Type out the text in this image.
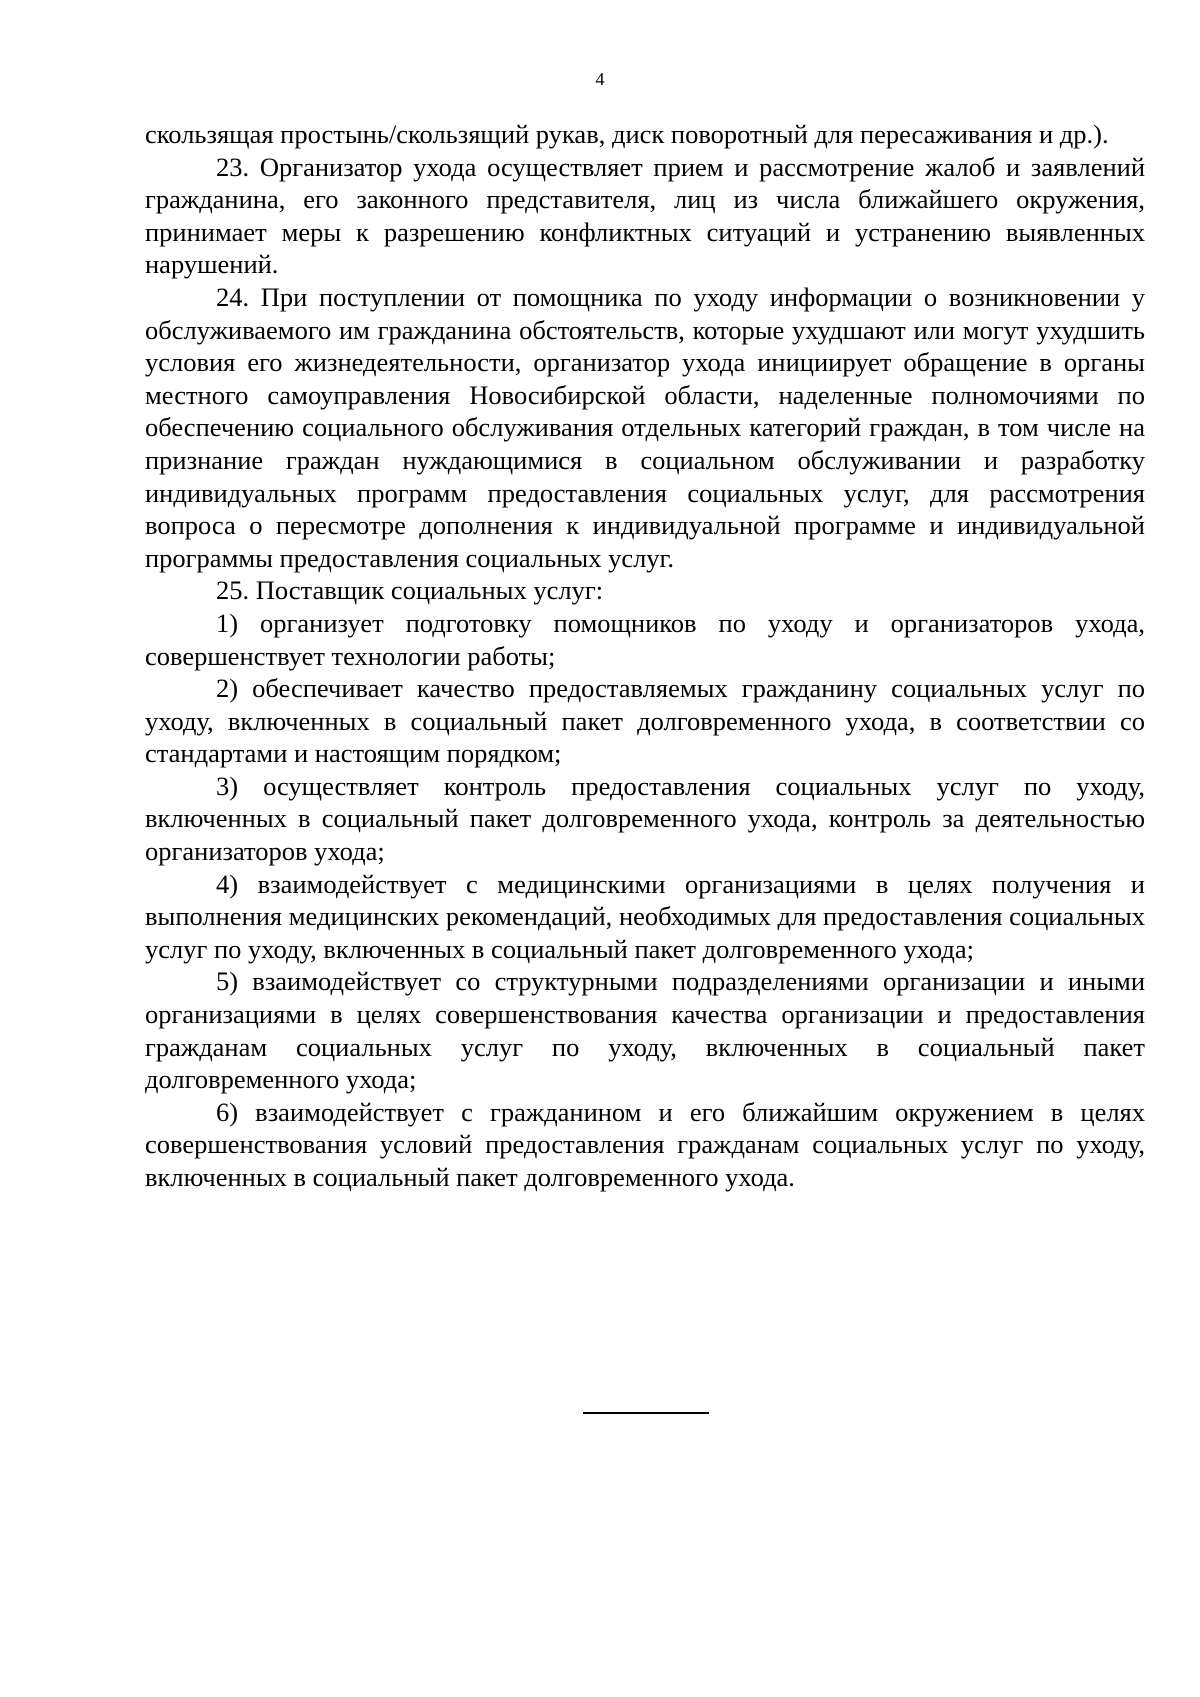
4

скользящая простынь/скользящий рукав, диск поворотный для пересаживания и др.).

23. Организатор ухода осуществляет прием и рассмотрение жалоб и заявлений гражданина, его законного представителя, лиц из числа ближайшего окружения, принимает меры к разрешению конфликтных ситуаций и устранению выявленных нарушений.

24. При поступлении от помощника по уходу информации о возникновении у обслуживаемого им гражданина обстоятельств, которые ухудшают или могут ухудшить условия его жизнедеятельности, организатор ухода инициирует обращение в органы местного самоуправления Новосибирской области, наделенные полномочиями по обеспечению социального обслуживания отдельных категорий граждан, в том числе на признание граждан нуждающимися в социальном обслуживании и разработку индивидуальных программ предоставления социальных услуг, для рассмотрения вопроса о пересмотре дополнения к индивидуальной программе и индивидуальной программы предоставления социальных услуг.

25. Поставщик социальных услуг:

1) организует подготовку помощников по уходу и организаторов ухода, совершенствует технологии работы;

2) обеспечивает качество предоставляемых гражданину социальных услуг по уходу, включенных в социальный пакет долговременного ухода, в соответствии со стандартами и настоящим порядком;

3) осуществляет контроль предоставления социальных услуг по уходу, включенных в социальный пакет долговременного ухода, контроль за деятельностью организаторов ухода;

4) взаимодействует с медицинскими организациями в целях получения и выполнения медицинских рекомендаций, необходимых для предоставления социальных услуг по уходу, включенных в социальный пакет долговременного ухода;

5) взаимодействует со структурными подразделениями организации и иными организациями в целях совершенствования качества организации и предоставления гражданам социальных услуг по уходу, включенных в социальный пакет долговременного ухода;

6) взаимодействует с гражданином и его ближайшим окружением в целях совершенствования условий предоставления гражданам социальных услуг по уходу, включенных в социальный пакет долговременного ухода.
